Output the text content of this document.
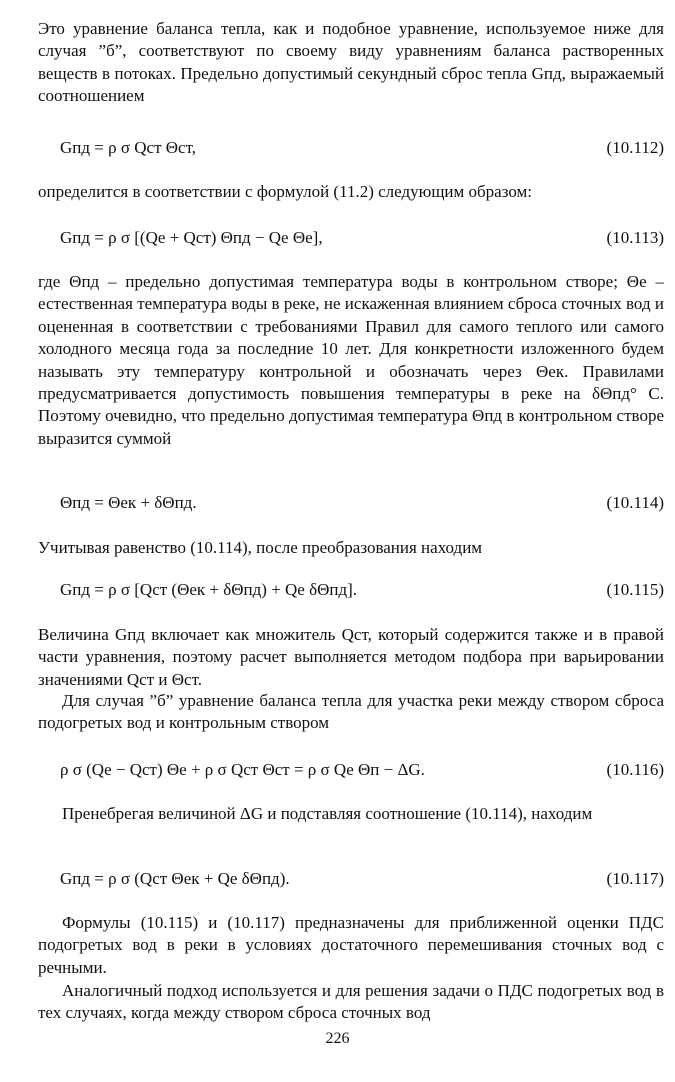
Это уравнение баланса тепла, как и подобное уравнение, используемое ниже для случая ”б”, соответствуют по своему виду уравнениям баланса растворенных веществ в потоках. Предельно допустимый секундный сброс тепла Gпд, выражаемый соотношением

Gпд = ρ σ Qст Θст,	(10.112)

определится в соответствии с формулой (11.2) следующим образом:

Gпд = ρ σ [(Qе + Qст) Θпд − Qе Θе],	(10.113)

где Θпд – предельно допустимая температура воды в контрольном створе; Θе – естественная температура воды в реке, не искаженная влиянием сброса сточных вод и оцененная в соответствии с требованиями Правил для самого теплого или самого холодного месяца года за последние 10 лет. Для конкретности изложенного будем называть эту температуру контрольной и обозначать через Θек. Правилами предусматривается допустимость повышения температуры в реке на δΘпд° С. Поэтому очевидно, что предельно допустимая температура Θпд в контрольном створе выразится суммой

Θпд = Θек + δΘпд.	(10.114)

Учитывая равенство (10.114), после преобразования находим

Gпд = ρ σ [Qст (Θек + δΘпд) + Qе δΘпд].	(10.115)

Величина Gпд включает как множитель Qст, который содержится также и в правой части уравнения, поэтому расчет выполняется методом подбора при варьировании значениями Qст и Θст.

Для случая ”б” уравнение баланса тепла для участка реки между створом сброса подогретых вод и контрольным створом

ρ σ (Qе − Qст) Θе + ρ σ Qст Θст = ρ σ Qе Θп − ΔG.	(10.116)

Пренебрегая величиной ΔG и подставляя соотношение (10.114), находим

Gпд = ρ σ (Qст Θек + Qе δΘпд).	(10.117)

Формулы (10.115) и (10.117) предназначены для приближенной оценки ПДС подогретых вод в реки в условиях достаточного перемешивания сточных вод с речными.

Аналогичный подход используется и для решения задачи о ПДС подогретых вод в тех случаях, когда между створом сброса сточных вод

226
